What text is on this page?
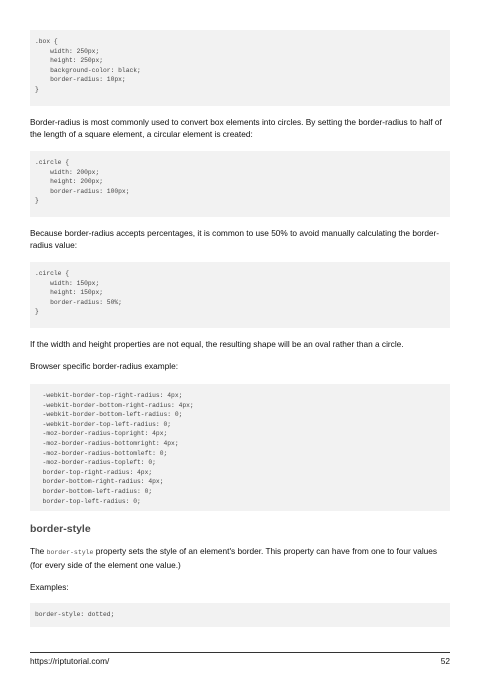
.box {
width: 250px;
height: 250px;
background-color: black;
border-radius: 10px;
}

Border-radius is most commonly used to convert box elements into circles. By setting the border-radius to half of the length of a square element, a circular element is created:

.circle {
width: 200px;
height: 200px;
border-radius: 100px;
}

Because border-radius accepts percentages, it is common to use 50% to avoid manually calculating the border-radius value:

.circle {
width: 150px;
height: 150px;
border-radius: 50%;
}

If the width and height properties are not equal, the resulting shape will be an oval rather than a circle.

Browser specific border-radius example:

-webkit-border-top-right-radius: 4px;
-webkit-border-bottom-right-radius: 4px;
-webkit-border-bottom-left-radius: 0;
-webkit-border-top-left-radius: 0;
-moz-border-radius-topright: 4px;
-moz-border-radius-bottomright: 4px;
-moz-border-radius-bottomleft: 0;
-moz-border-radius-topleft: 0;
border-top-right-radius: 4px;
border-bottom-right-radius: 4px;
border-bottom-left-radius: 0;
border-top-left-radius: 0;
border-style

The border-style property sets the style of an element's border. This property can have from one to four values (for every side of the element one value.)

Examples:

border-style: dotted;
https://riptutorial.com/	52
